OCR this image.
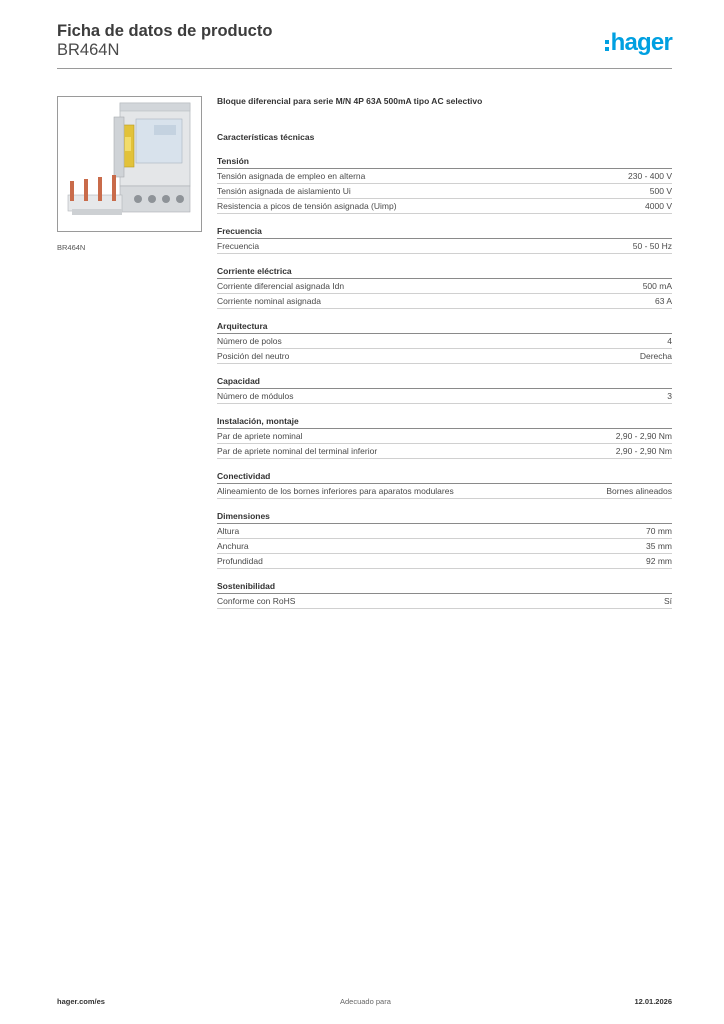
Ficha de datos de producto
BR464N	hager
BR464N
Bloque diferencial para serie M/N 4P 63A 500mA tipo AC selectivo
Características técnicas
Tensión
Tensión asignada de empleo en alterna	230 - 400 V
Tensión asignada de aislamiento Ui	500 V
Resistencia a picos de tensión asignada (Uimp)	4000 V
Frecuencia
Frecuencia	50 - 50 Hz
Corriente eléctrica
Corriente diferencial asignada Idn	500 mA
Corriente nominal asignada	63 A
Arquitectura
Número de polos	4
Posición del neutro	Derecha
Capacidad
Número de módulos	3
Instalación, montaje
Par de apriete nominal	2,90 - 2,90 Nm
Par de apriete nominal del terminal inferior	2,90 - 2,90 Nm
Conectividad
Alineamiento de los bornes inferiores para aparatos modulares	Bornes alineados
Dimensiones
Altura	70 mm
Anchura	35 mm
Profundidad	92 mm
Sostenibilidad
Conforme con RoHS	Sí
hager.com/es	Adecuado para	12.01.2026
